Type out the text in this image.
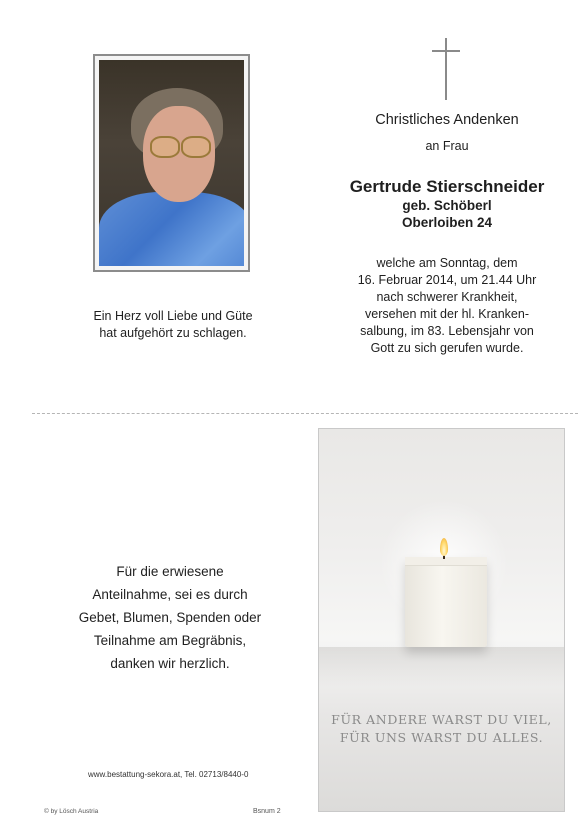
Ein Herz voll Liebe und Güte
hat aufgehört zu schlagen.
Christliches Andenken
an Frau
Gertrude Stierschneider
geb. Schöberl
Oberloiben 24
welche am Sonntag, dem
16. Februar 2014, um 21.44 Uhr
nach schwerer Krankheit,
versehen mit der hl. Kranken-
salbung, im 83. Lebensjahr von
Gott zu sich gerufen wurde.
Für die erwiesene
Anteilnahme, sei es durch
Gebet, Blumen, Spenden oder
Teilnahme am Begräbnis,
danken wir herzlich.
www.bestattung-sekora.at, Tel. 02713/8440-0
© by Lösch Austria	Bsnum 2
FÜR ANDERE WARST DU VIEL,
FÜR UNS WARST DU ALLES.
